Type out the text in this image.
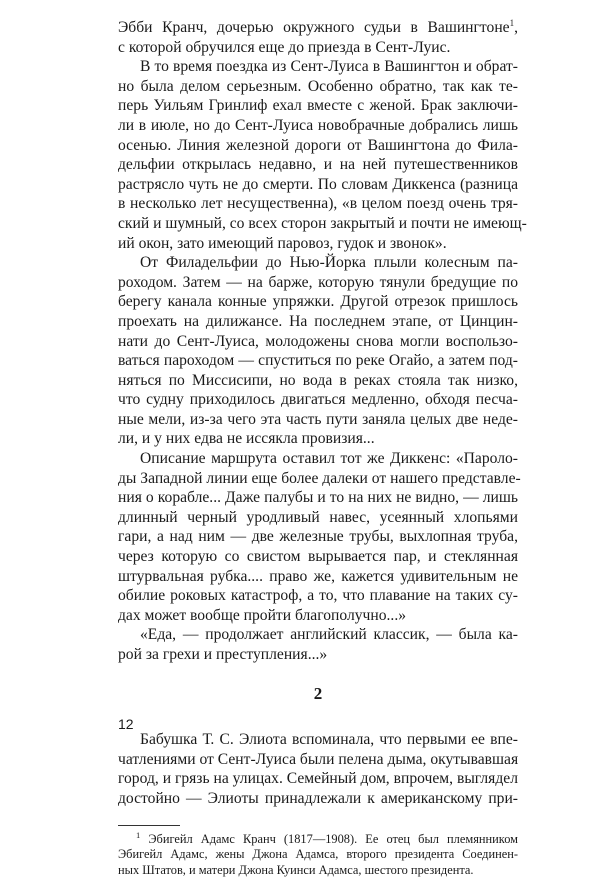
Эбби Кранч, дочерью окружного судьи в Вашингтоне$^1$,
с которой обручился еще до приезда в Сент-Луис.
В то время поездка из Сент-Луиса в Вашингтон и обрат-
но была делом серьезным. Особенно обратно, так как те-
перь Уильям Гринлиф ехал вместе с женой. Брак заключи-
ли в июле, но до Сент-Луиса новобрачные добрались лишь
осенью. Линия железной дороги от Вашингтона до Фила-
дельфии открылась недавно, и на ней путешественников
растрясло чуть не до смерти. По словам Диккенса (разница
в несколько лет несущественна), «в целом поезд очень тря-
ский и шумный, со всех сторон закрытый и почти не имеющ-
ий окон, зато имеющий паровоз, гудок и звонок».
От Филадельфии до Нью-Йорка плыли колесным па-
роходом. Затем — на барже, которую тянули бредущие по
берегу канала конные упряжки. Другой отрезок пришлось
проехать на дилижансе. На последнем этапе, от Цинцин-
нати до Сент-Луиса, молодожены снова могли воспользо-
ваться пароходом — спуститься по реке Огайо, а затем под-
няться по Миссисипи, но вода в реках стояла так низко,
что судну приходилось двигаться медленно, обходя песча-
ные мели, из-за чего эта часть пути заняла целых две неде-
ли, и у них едва не иссякла провизия...
Описание маршрута оставил тот же Диккенс: «Пароло-
ды Западной линии еще более далеки от нашего представле-
ния о корабле... Даже палубы и то на них не видно, — лишь
длинный черный уродливый навес, усеянный хлопьями
гари, а над ним — две железные трубы, выхлопная труба,
через которую со свистом вырывается пар, и стеклянная
штурвальная рубка.... право же, кажется удивительным не
обилие роковых катастроф, а то, что плавание на таких су-
дах может вообще пройти благополучно...»
«Еда, — продолжает английский классик, — была ка-
рой за грехи и преступления...»
2
Бабушка Т. С. Элиота вспоминала, что первыми ее впе-
чатлениями от Сент-Луиса были пелена дыма, окутывавшая
город, и грязь на улицах. Семейный дом, впрочем, выглядел
достойно — Элиоты принадлежали к американскому при-
$^1$ Эбигейл Адамс Кранч (1817—1908). Ее отец был племянником
Эбигейл Адамс, жены Джона Адамса, второго президента Соединен-
ных Штатов, и матери Джона Куинси Адамса, шестого президента.
12
